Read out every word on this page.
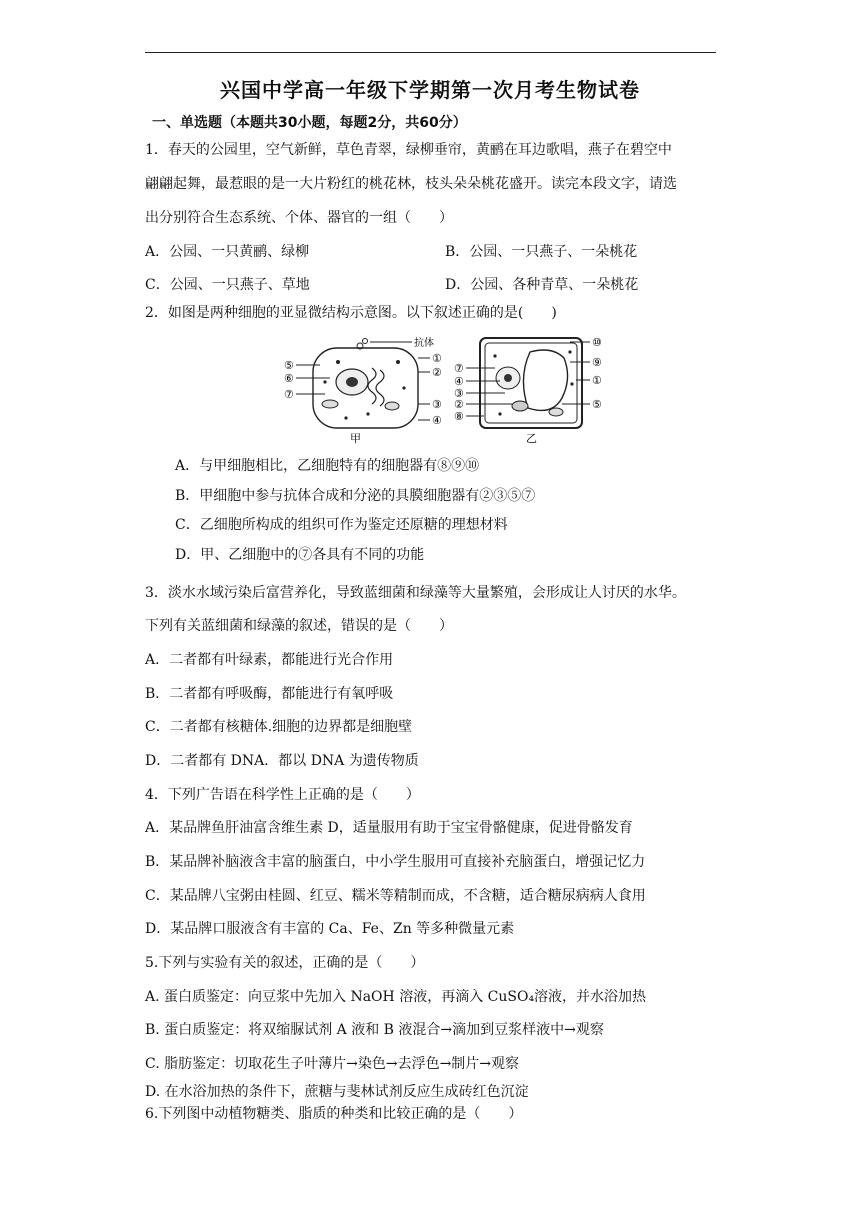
兴国中学高一年级下学期第一次月考生物试卷
一、单选题（本题共30小题，每题2分，共60分）
1．春天的公园里，空气新鲜，草色青翠，绿柳垂帘，黄鹂在耳边歌唱，燕子在碧空中
翩翩起舞，最惹眼的是一大片粉红的桃花林，枝头朵朵桃花盛开。读完本段文字，请选
出分别符合生态系统、个体、器官的一组（　　）
A．公园、一只黄鹂、绿柳	B．公园、一只燕子、一朵桃花
C．公园、一只燕子、草地	D．公园、各种青草、一朵桃花
2．如图是两种细胞的亚显微结构示意图。以下叙述正确的是(　　)
抗体
⑤
⑥
⑦
①
②
③
④
甲
⑦
④
③
②
⑧
⑩
⑨
①
⑤
乙
A．与甲细胞相比，乙细胞特有的细胞器有⑧⑨⑩
B．甲细胞中参与抗体合成和分泌的具膜细胞器有②③⑤⑦
C．乙细胞所构成的组织可作为鉴定还原糖的理想材料
D．甲、乙细胞中的⑦各具有不同的功能
3．淡水水域污染后富营养化，导致蓝细菌和绿藻等大量繁殖，会形成让人讨厌的水华。
下列有关蓝细菌和绿藻的叙述，错误的是（　　）
A．二者都有叶绿素，都能进行光合作用
B．二者都有呼吸酶，都能进行有氧呼吸
C．二者都有核糖体.细胞的边界都是细胞壁
D．二者都有 DNA．都以 DNA 为遗传物质
4．下列广告语在科学性上正确的是（　　）
A．某品牌鱼肝油富含维生素 D，适量服用有助于宝宝骨骼健康，促进骨骼发育
B．某品牌补脑液含丰富的脑蛋白，中小学生服用可直接补充脑蛋白，增强记忆力
C．某品牌八宝粥由桂圆、红豆、糯米等精制而成，不含糖，适合糖尿病病人食用
D．某品牌口服液含有丰富的 Ca、Fe、Zn 等多种微量元素
5.下列与实验有关的叙述，正确的是（　　）
A. 蛋白质鉴定：向豆浆中先加入 NaOH 溶液，再滴入 CuSO₄溶液，并水浴加热
B. 蛋白质鉴定：将双缩脲试剂 A 液和 B 液混合→滴加到豆浆样液中→观察
C. 脂肪鉴定：切取花生子叶薄片→染色→去浮色→制片→观察
D. 在水浴加热的条件下，蔗糖与斐林试剂反应生成砖红色沉淀
6.下列图中动植物糖类、脂质的种类和比较正确的是（　　）
